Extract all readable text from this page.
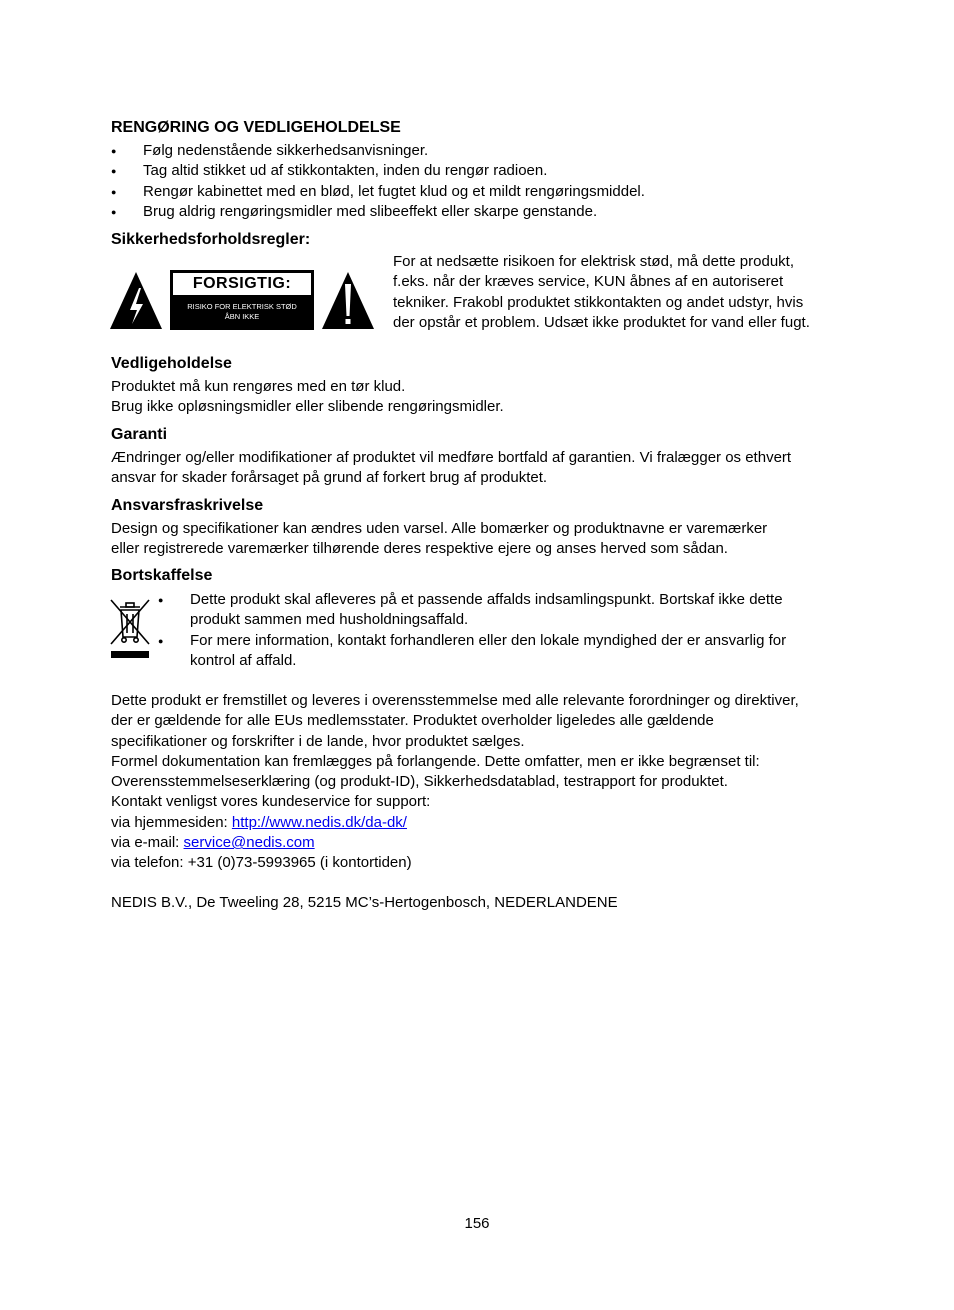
RENGØRING OG VEDLIGEHOLDELSE
● Følg nedenstående sikkerhedsanvisninger.
● Tag altid stikket ud af stikkontakten, inden du rengør radioen.
● Rengør kabinettet med en blød, let fugtet klud og et mildt rengøringsmiddel.
● Brug aldrig rengøringsmidler med slibeeffekt eller skarpe genstande.
Sikkerhedsforholdsregler:
FORSIGTIG:
RISIKO FOR ELEKTRISK STØD
ÅBN IKKE

For at nedsætte risikoen for elektrisk stød, må dette produkt,

f.eks. når der kræves service, KUN åbnes af en autoriseret

tekniker. Frakobl produktet stikkontakten og andet udstyr, hvis

der opstår et problem. Udsæt ikke produktet for vand eller fugt.

Vedligeholdelse

Produktet må kun rengøres med en tør klud.

Brug ikke opløsningsmidler eller slibende rengøringsmidler.

Garanti

Ændringer og/eller modifikationer af produktet vil medføre bortfald af garantien. Vi fralægger os ethvert

ansvar for skader forårsaget på grund af forkert brug af produktet.

Ansvarsfraskrivelse

Design og specifikationer kan ændres uden varsel. Alle bomærker og produktnavne er varemærker

eller registrerede varemærker tilhørende deres respektive ejere og anses herved som sådan.

Bortskaffelse
● Dette produkt skal afleveres på et passende affalds indsamlingspunkt. Bortskaf ikke dette
produkt sammen med husholdningsaffald.
● For mere information, kontakt forhandleren eller den lokale myndighed der er ansvarlig for
kontrol af affald.

Dette produkt er fremstillet og leveres i overensstemmelse med alle relevante forordninger og direktiver,

der er gældende for alle EUs medlemsstater. Produktet overholder ligeledes alle gældende

specifikationer og forskrifter i de lande, hvor produktet sælges.

Formel dokumentation kan fremlægges på forlangende. Dette omfatter, men er ikke begrænset til:

Overensstemmelseserklæring (og produkt-ID), Sikkerhedsdatablad, testrapport for produktet.

Kontakt venligst vores kundeservice for support:

via hjemmesiden: http://www.nedis.dk/da-dk/

via e-mail: service@nedis.com

via telefon: +31 (0)73-5993965 (i kontortiden)

NEDIS B.V., De Tweeling 28, 5215 MC’s-Hertogenbosch, NEDERLANDENE

156
